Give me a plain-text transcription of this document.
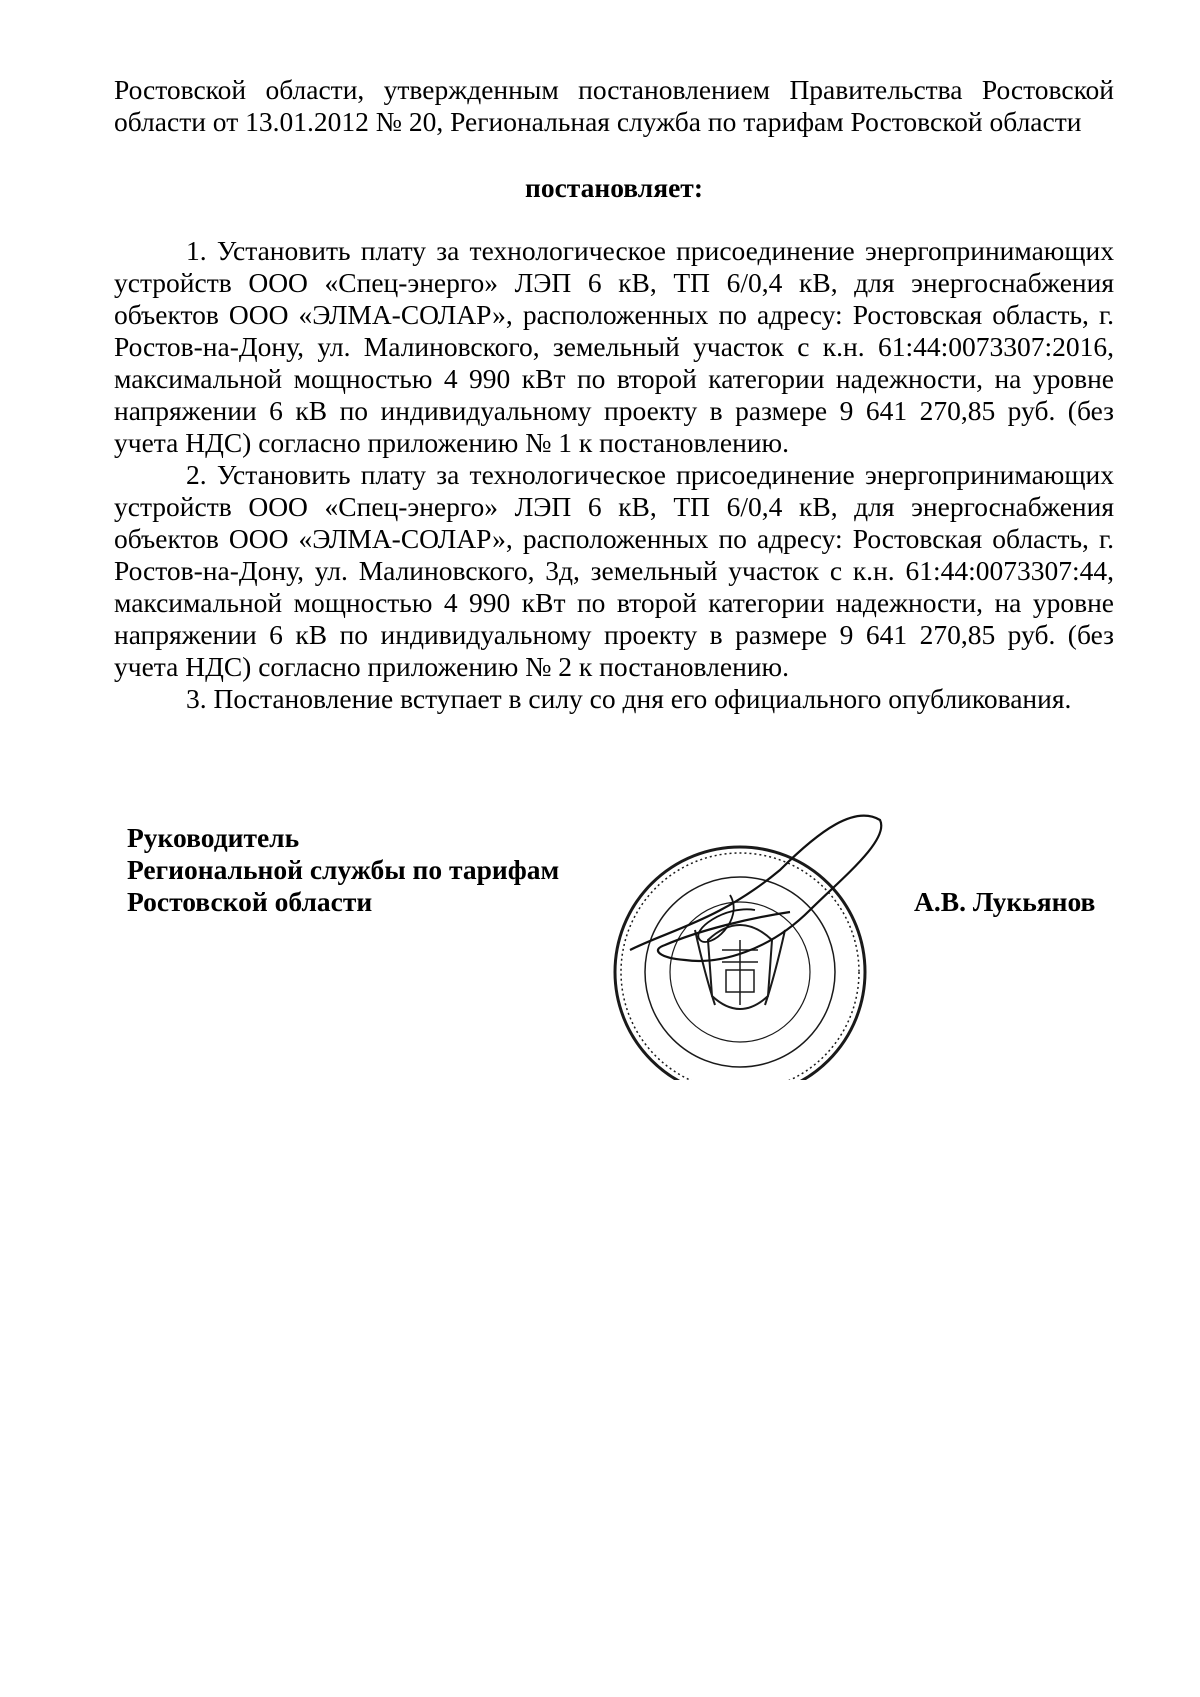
Ростовской области, утвержденным постановлением Правительства Ростовской области от 13.01.2012 № 20, Региональная служба по тарифам Ростовской области

постановляет:

1. Установить плату за технологическое присоединение энергопринимающих устройств ООО «Спец-энерго» ЛЭП 6 кВ, ТП 6/0,4 кВ, для энергоснабжения объектов ООО «ЭЛМА-СОЛАР», расположенных по адресу: Ростовская область, г. Ростов-на-Дону, ул. Малиновского, земельный участок с к.н. 61:44:0073307:2016, максимальной мощностью 4 990 кВт по второй категории надежности, на уровне напряжении 6 кВ по индивидуальному проекту в размере 9 641 270,85 руб. (без учета НДС) согласно приложению № 1 к постановлению.

2. Установить плату за технологическое присоединение энергопринимающих устройств ООО «Спец-энерго» ЛЭП 6 кВ, ТП 6/0,4 кВ, для энергоснабжения объектов ООО «ЭЛМА-СОЛАР», расположенных по адресу: Ростовская область, г. Ростов-на-Дону, ул. Малиновского, 3д, земельный участок с к.н. 61:44:0073307:44, максимальной мощностью 4 990 кВт по второй категории надежности, на уровне напряжении 6 кВ по индивидуальному проекту в размере 9 641 270,85 руб. (без учета НДС) согласно приложению № 2 к постановлению.

3. Постановление вступает в силу со дня его официального опубликования.

Руководитель
Региональной службы по тарифам
Ростовской области	А.В. Лукьянов
